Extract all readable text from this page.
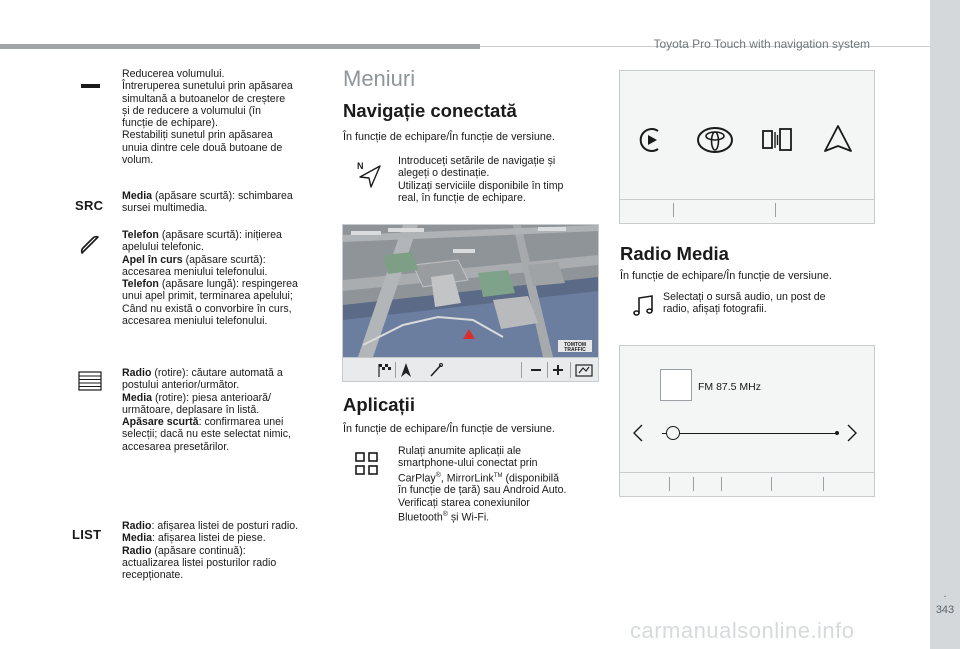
Toyota Pro Touch with navigation system
.
343
Reducerea volumului.
Întreruperea sunetului prin apăsarea
simultană a butoanelor de creștere
și de reducere a volumului (în
funcție de echipare).
Restabiliți sunetul prin apăsarea
unuia dintre cele două butoane de
volum.
SRC
Media (apăsare scurtă): schimbarea
sursei multimedia.
Telefon (apăsare scurtă): inițierea
apelului telefonic.
Apel în curs (apăsare scurtă):
accesarea meniului telefonului.
Telefon (apăsare lungă): respingerea
unui apel primit, terminarea apelului;
Când nu există o convorbire în curs,
accesarea meniului telefonului.
Radio (rotire): căutare automată a
postului anterior/următor.
Media (rotire): piesa anterioară/
următoare, deplasare în listă.
Apăsare scurtă: confirmarea unei
selecții; dacă nu este selectat nimic,
accesarea presetărilor.
LIST
Radio: afișarea listei de posturi radio.
Media: afișarea listei de piese.
Radio (apăsare continuă):
actualizarea listei posturilor radio
recepționate.
Meniuri
Navigație conectată
În funcție de echipare/În funcție de versiune.
N	Introduceți setările de navigație și
alegeți o destinație.
Utilizați serviciile disponibile în timp
real, în funcție de echipare.
TOMTOM
TRAFFIC
Aplicații
În funcție de echipare/În funcție de versiune.
Rulați anumite aplicații ale
smartphone-ului conectat prin
CarPlay®, MirrorLink™ (disponibilă
în funcție de țară) sau Android Auto.
Verificați starea conexiunilor
Bluetooth® și Wi-Fi.
Radio Media
În funcție de echipare/În funcție de versiune.
Selectați o sursă audio, un post de
radio, afișați fotografii.
FM 87.5 MHz
carmanualsonline.info
